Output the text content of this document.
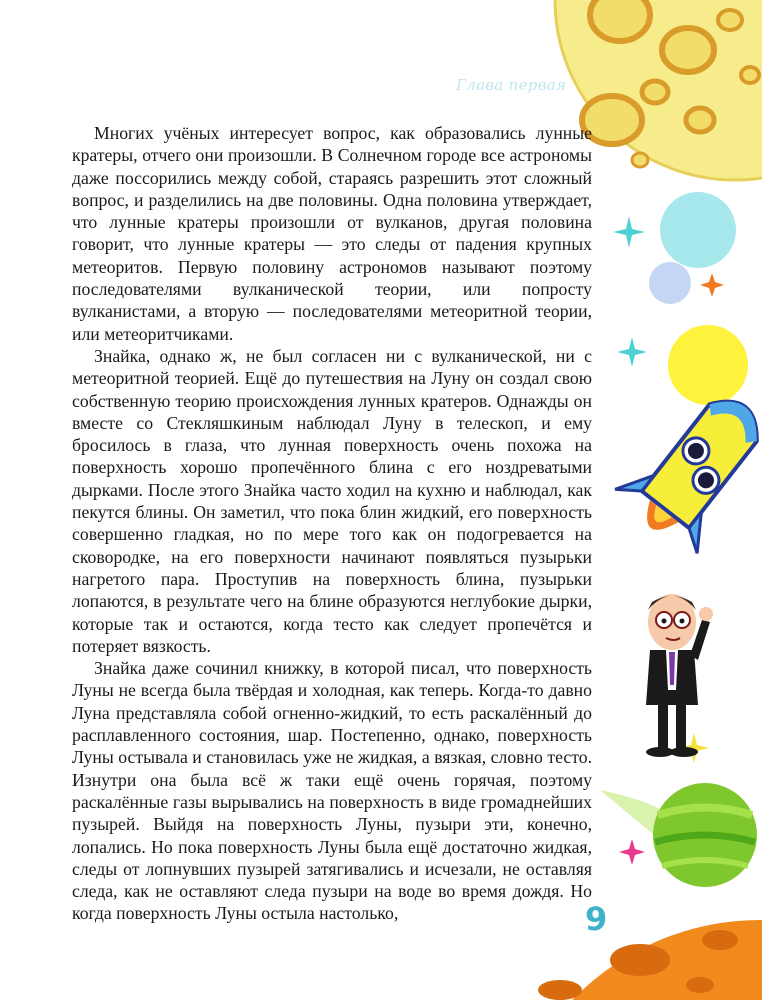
Глава первая

Многих учёных интересует вопрос, как образовались лунные кратеры, отчего они произошли. В Солнечном городе все астрономы даже поссорились между собой, стараясь разрешить этот сложный вопрос, и разделились на две половины. Одна половина утверждает, что лунные кратеры произошли от вулканов, другая половина говорит, что лунные кратеры — это следы от падения крупных метеоритов. Первую половину астрономов называют поэтому последователями вулканической теории, или попросту вулканистами, а вторую — последователями метеоритной теории, или метеоритчиками.

Знайка, однако ж, не был согласен ни с вулканической, ни с метеоритной теорией. Ещё до путешествия на Луну он создал свою собственную теорию происхождения лунных кратеров. Однажды он вместе со Стекляшкиным наблюдал Луну в телескоп, и ему бросилось в глаза, что лунная поверхность очень похожа на поверхность хорошо пропечённого блина с его ноздреватыми дырками. После этого Знайка часто ходил на кухню и наблюдал, как пекутся блины. Он заметил, что пока блин жидкий, его поверхность совершенно гладкая, но по мере того как он подогревается на сковородке, на его поверхности начинают появляться пузырьки нагретого пара. Проступив на поверхность блина, пузырьки лопаются, в результате чего на блине образуются неглубокие дырки, которые так и остаются, когда тесто как следует пропечётся и потеряет вязкость.

Знайка даже сочинил книжку, в которой писал, что поверхность Луны не всегда была твёрдая и холодная, как теперь. Когда-то давно Луна представляла собой огненно-жидкий, то есть раскалённый до расплавленного состояния, шар. Постепенно, однако, поверхность Луны остывала и становилась уже не жидкая, а вязкая, словно тесто. Изнутри она была всё ж таки ещё очень горячая, поэтому раскалённые газы вырывались на поверхность в виде громаднейших пузырей. Выйдя на поверхность Луны, пузыри эти, конечно, лопались. Но пока поверхность Луны была ещё достаточно жидкая, следы от лопнувших пузырей затягивались и исчезали, не оставляя следа, как не оставляют следа пузыри на воде во время дождя. Но когда поверхность Луны остыла настолько,	9
